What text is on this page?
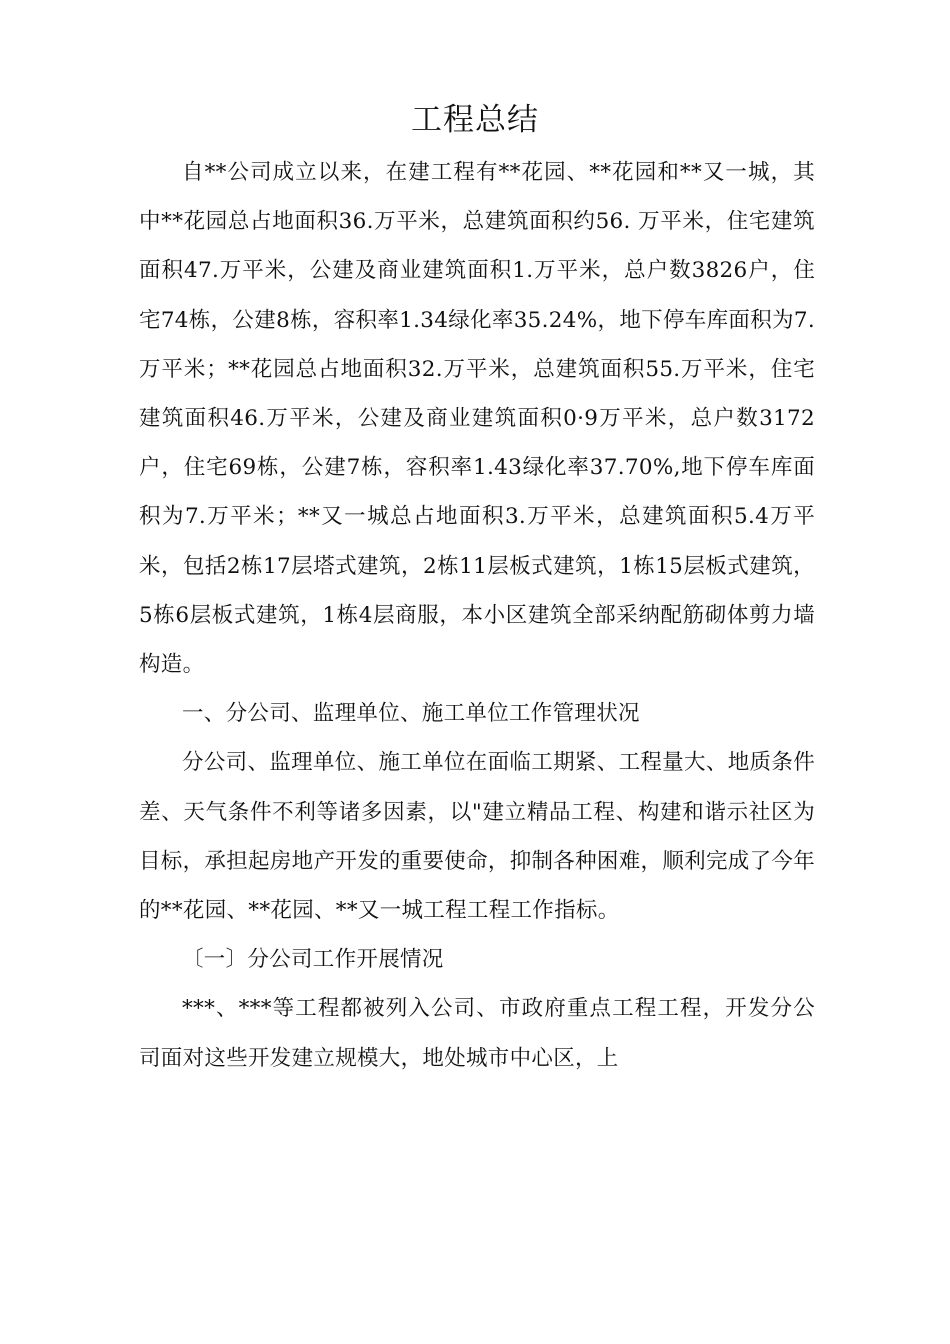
工程总结

自**公司成立以来，在建工程有**花园、**花园和**又一城，其中**花园总占地面积36.万平米，总建筑面积约56. 万平米，住宅建筑面积47.万平米，公建及商业建筑面积1.万平米，总户数3826户，住宅74栋，公建8栋，容积率1.34绿化率35.24%，地下停车库面积为7.万平米；**花园总占地面积32.万平米，总建筑面积55.万平米，住宅建筑面积46.万平米，公建及商业建筑面积0·9万平米，总户数3172户，住宅69栋，公建7栋，容积率1.43绿化率37.70%,地下停车库面积为7.万平米；**又一城总占地面积3.万平米，总建筑面积5.4万平米，包括2栋17层塔式建筑，2栋11层板式建筑，1栋15层板式建筑，5栋6层板式建筑，1栋4层商服，本小区建筑全部采纳配筋砌体剪力墙构造。

一、分公司、监理单位、施工单位工作管理状况

分公司、监理单位、施工单位在面临工期紧、工程量大、地质条件差、天气条件不利等诸多因素，以"建立精品工程、构建和谐示社区为目标，承担起房地产开发的重要使命，抑制各种困难，顺利完成了今年的**花园、**花园、**又一城工程工程工作指标。

〔一〕分公司工作开展情况

***、***等工程都被列入公司、市政府重点工程工程，开发分公司面对这些开发建立规模大，地处城市中心区，上
